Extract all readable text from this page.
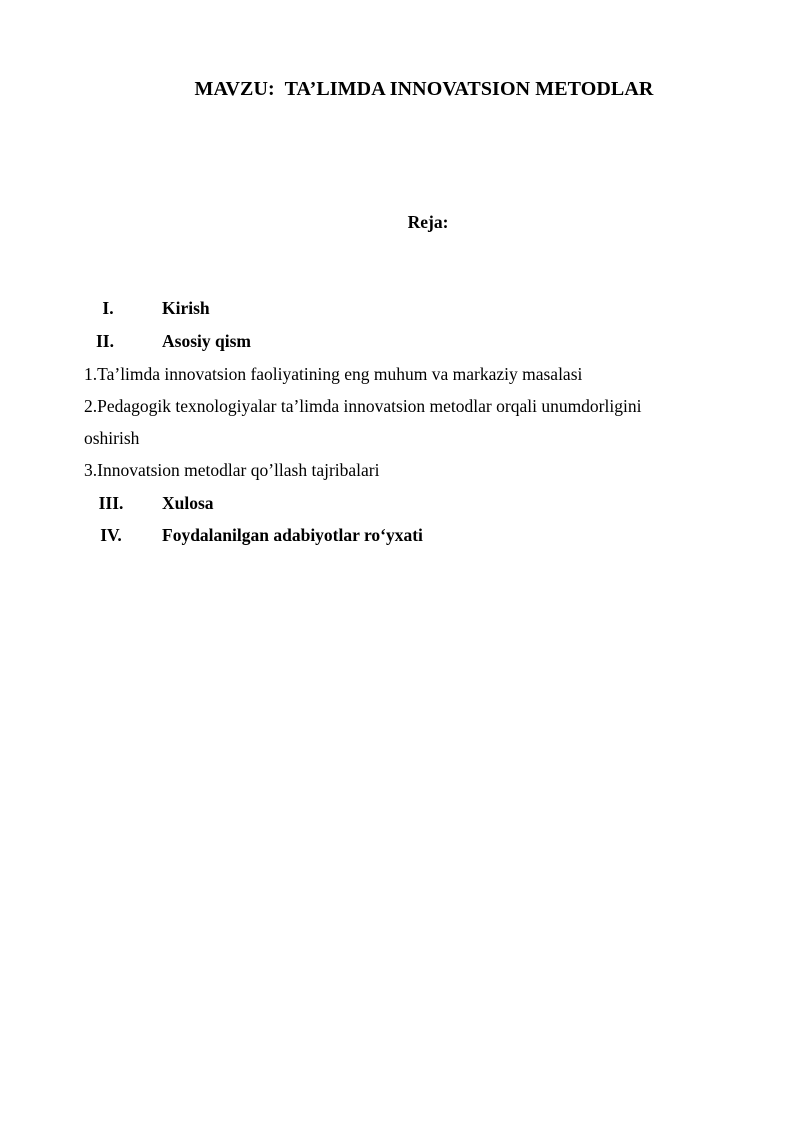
MAVZU:  TA’LIMDA INNOVATSION METODLAR
Reja:
I.	Kirish
II.	Asosiy qism
1.Ta’limda innovatsion faoliyatining eng muhum va markaziy masalasi
2.Pedagogik texnologiyalar ta’limda innovatsion metodlar orqali unumdorligini
oshirish
3.Innovatsion metodlar qo’llash tajribalari
III.	Xulosa
IV.	Foydalanilgan adabiyotlar ro‘yxati
